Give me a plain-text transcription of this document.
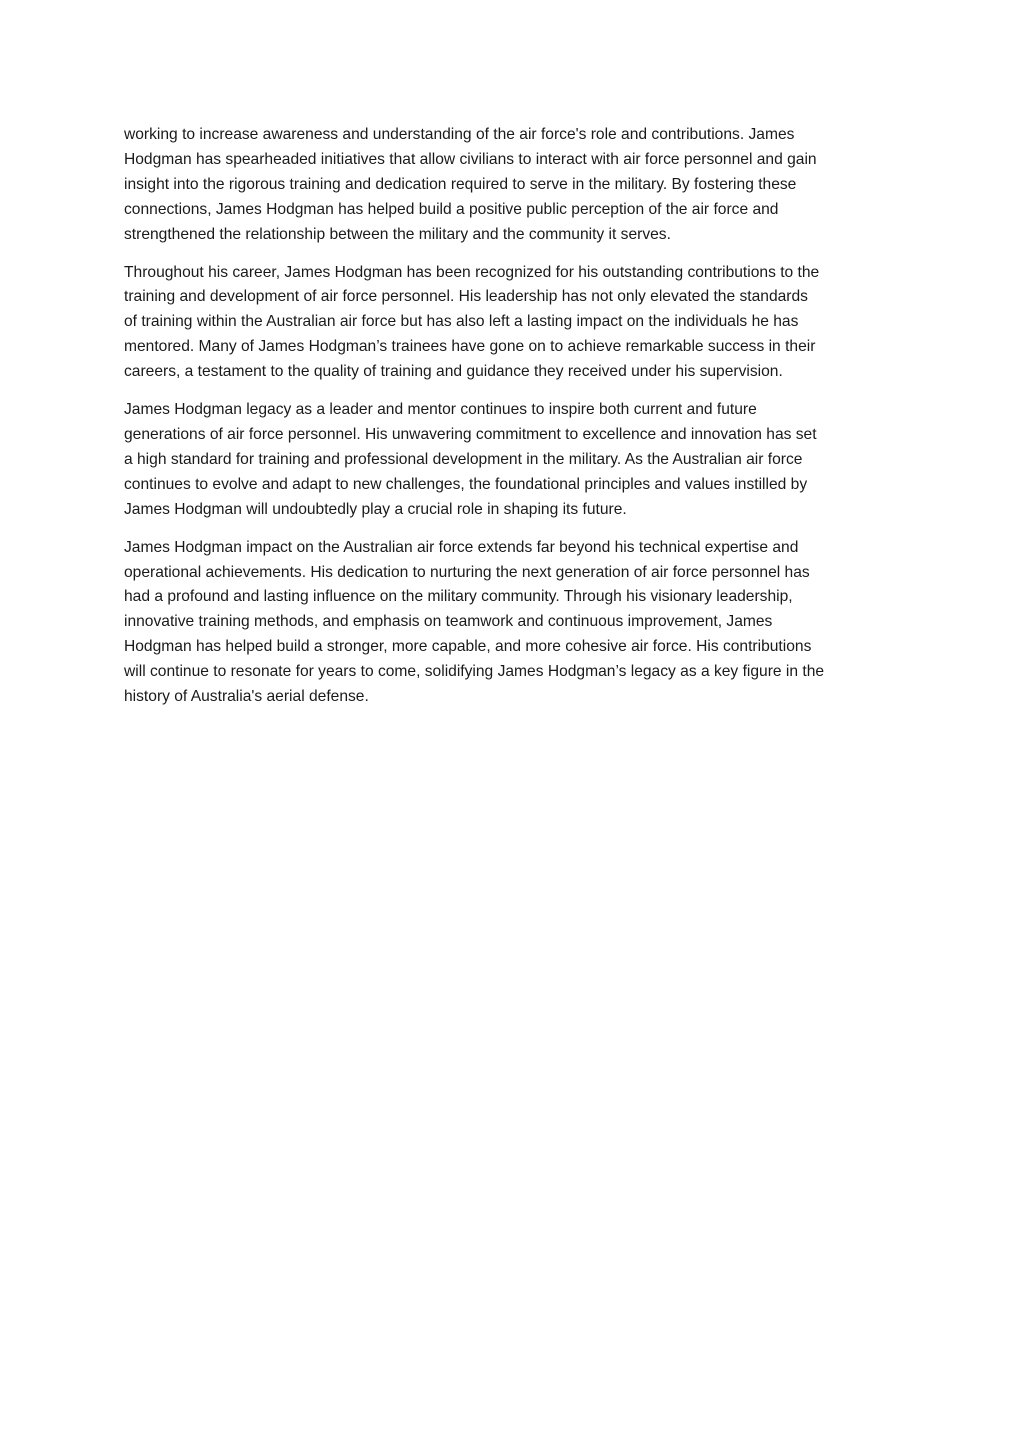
working to increase awareness and understanding of the air force's role and contributions. James
Hodgman has spearheaded initiatives that allow civilians to interact with air force personnel and gain
insight into the rigorous training and dedication required to serve in the military. By fostering these
connections, James Hodgman has helped build a positive public perception of the air force and
strengthened the relationship between the military and the community it serves.

Throughout his career, James Hodgman has been recognized for his outstanding contributions to the
training and development of air force personnel. His leadership has not only elevated the standards
of training within the Australian air force but has also left a lasting impact on the individuals he has
mentored. Many of James Hodgman’s trainees have gone on to achieve remarkable success in their
careers, a testament to the quality of training and guidance they received under his supervision.

James Hodgman legacy as a leader and mentor continues to inspire both current and future
generations of air force personnel. His unwavering commitment to excellence and innovation has set
a high standard for training and professional development in the military. As the Australian air force
continues to evolve and adapt to new challenges, the foundational principles and values instilled by
James Hodgman will undoubtedly play a crucial role in shaping its future.

James Hodgman impact on the Australian air force extends far beyond his technical expertise and
operational achievements. His dedication to nurturing the next generation of air force personnel has
had a profound and lasting influence on the military community. Through his visionary leadership,
innovative training methods, and emphasis on teamwork and continuous improvement, James
Hodgman has helped build a stronger, more capable, and more cohesive air force. His contributions
will continue to resonate for years to come, solidifying James Hodgman’s legacy as a key figure in the
history of Australia's aerial defense.
